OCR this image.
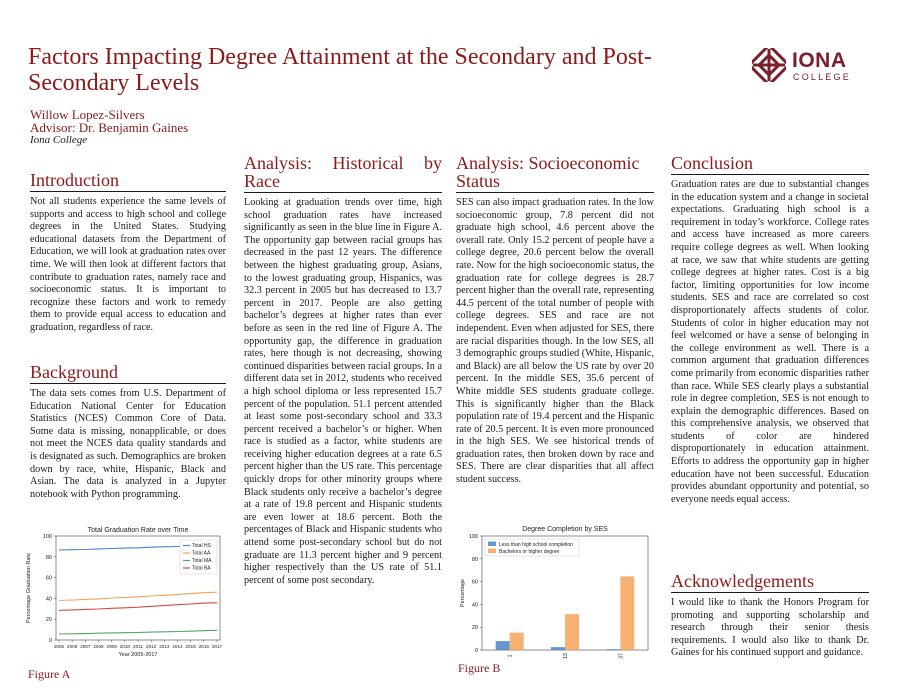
Factors Impacting Degree Attainment at the Secondary and Post-Secondary Levels
Willow Lopez-Silvers
Advisor: Dr. Benjamin Gaines
Iona College
IONA
COLLEGE
Introduction
Not all students experience the same levels of supports and access to high school and college degrees in the United States. Studying educational datasets from the Department of Education, we will look at graduation rates over time. We will then look at different factors that contribute to graduation rates, namely race and socioeconomic status. It is important to recognize these factors and work to remedy them to provide equal access to education and graduation, regardless of race.
Background
The data sets comes from U.S. Department of Education National Center for Education Statistics (NCES) Common Core of Data. Some data is missing, nonapplicable, or does not meet the NCES data quality standards and is designated as such. Demographics are broken down by race, white, Hispanic, Black and Asian. The data is analyzed in a Jupyter notebook with Python programming.
Total Graduation Rate over Time
0
20
40
60
80
100
2005 2006 2007 2008 2009 2010 2011 2012 2013 2014 2015 2016 2017
Year 2005-2017
Percentage Graduation Rate
Total HS
Total AA
Total MA
Total BA
Figure A
Analysis: Historical by Race
Looking at graduation trends over time, high school graduation rates have increased significantly as seen in the blue line in Figure A. The opportunity gap between racial groups has decreased in the past 12 years. The difference between the highest graduating group, Asians, to the lowest graduating group, Hispanics, was 32.3 percent in 2005 but has decreased to 13.7 percent in 2017. People are also getting bachelor’s degrees at higher rates than ever before as seen in the red line of Figure A. The opportunity gap, the difference in graduation rates, here though is not decreasing, showing continued disparities between racial groups. In a different data set in 2012, students who received a high school diploma or less represented 15.7 percent of the population. 51.1 percent attended at least some post-secondary school and 33.3 percent received a bachelor’s or higher. When race is studied as a factor, white students are receiving higher education degrees at a rate 6.5 percent higher than the US rate. This percentage quickly drops for other minority groups where Black students only receive a bachelor’s degree at a rate of 19.8 percent and Hispanic students are even lower at 18.6 percent. Both the percentages of Black and Hispanic students who attend some post-secondary school but do not graduate are 11.3 percent higher and 9 percent higher respectively than the US rate of 51.1 percent of some post secondary.
Analysis: Socioeconomic Status
SES can also impact graduation rates. In the low socioeconomic group, 7.8 percent did not graduate high school, 4.6 percent above the overall rate. Only 15.2 percent of people have a college degree, 20.6 percent below the overall rate. Now for the high socioeconomic status, the graduation rate for college degrees is 28.7 percent higher than the overall rate, representing 44.5 percent of the total number of people with college degrees. SES and race are not independent. Even when adjusted for SES, there are racial disparities though. In the low SES, all 3 demographic groups studied (White, Hispanic, and Black) are all below the US rate by over 20 percent. In the middle SES, 35.6 percent of White middle SES students graduate college. This is significantly higher than the Black population rate of 19.4 percent and the Hispanic rate of 20.5 percent. It is even more pronounced in the high SES. We see historical trends of graduation rates, then broken down by race and SES. There are clear disparities that all affect student success.
Degree Completion by SES
0
20
40
60
80
100
Percentage
1	13	37
Less than high school completion
Bachelors or higher degree
Figure B
Conclusion
Graduation rates are due to substantial changes in the education system and a change in societal expectations. Graduating high school is a requirement in today’s workforce. College rates and access have increased as more careers require college degrees as well. When looking at race, we saw that white students are getting college degrees at higher rates. Cost is a big factor, limiting opportunities for low income students. SES and race are correlated so cost disproportionately affects students of color. Students of color in higher education may not feel welcomed or have a sense of belonging in the college environment as well. There is a common argument that graduation differences come primarily from economic disparities rather than race. While SES clearly plays a substantial role in degree completion, SES is not enough to explain the demographic differences. Based on this comprehensive analysis, we observed that students of color are hindered disproportionately in education attainment. Efforts to address the opportunity gap in higher education have not been successful. Education provides abundant opportunity and potential, so everyone needs equal access.
Acknowledgements
I would like to thank the Honors Program for promoting and supporting scholarship and research through their senior thesis requirements. I would also like to thank Dr. Gaines for his continued support and guidance.
